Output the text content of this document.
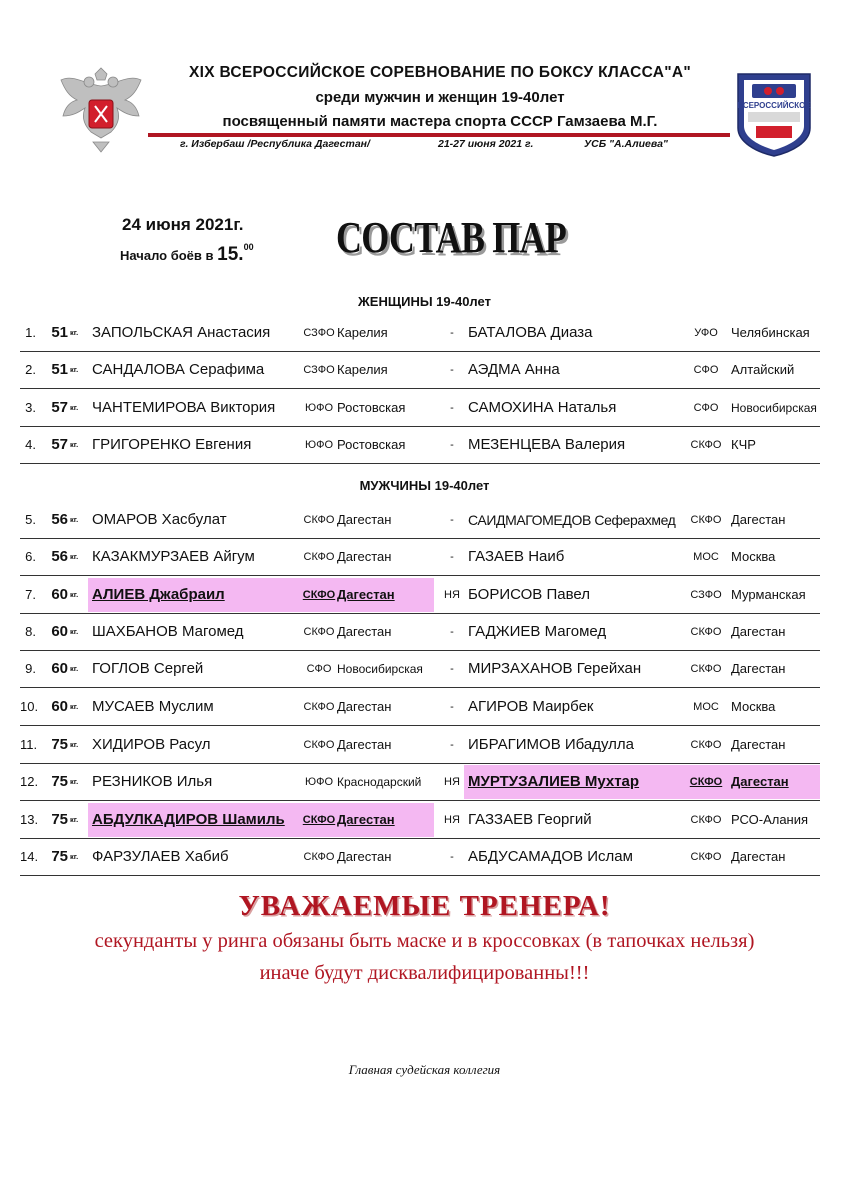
XIX ВСЕРОССИЙСКОЕ СОРЕВНОВАНИЕ ПО БОКСУ КЛАССА"А"
среди мужчин и женщин 19-40лет
посвященный памяти мастера спорта СССР Гамзаева М.Г.
г. Избербаш /Республика Дагестан/	21-27 июня 2021 г.	УСБ "А.Алиева"
ВСЕРОССИЙСКОЕ
24 июня 2021г.
Начало боёв в 15.00 СОСТАВ ПАР
ЖЕНЩИНЫ 19-40лет
МУЖЧИНЫ 19-40лет
1.	51 кг. ЗАПОЛЬСКАЯ Анастасия	СЗФО Карелия	- БАТАЛОВА Диаза	УФО	Челябинская
2.	51 кг. САНДАЛОВА Серафима	СЗФО Карелия	- АЭДМА Анна	СФО Алтайский
3.	57 кг. ЧАНТЕМИРОВА Виктория	ЮФО Ростовская	- САМОХИНА Наталья	СФО	Новосибирская
4.	57 кг. ГРИГОРЕНКО Евгения	ЮФО Ростовская	- МЕЗЕНЦЕВА Валерия	СКФО КЧР
5.	56 кг. ОМАРОВ Хасбулат	СКФО Дагестан	-	САИДМАГОМЕДОВ Сеферахмед	СКФО Дагестан
6.	56 кг. КАЗАКМУРЗАЕВ Айгум	СКФО Дагестан	- ГАЗАЕВ Наиб	МОС Москва
7.	60 кг. АЛИЕВ Джабраил	СКФО Дагестан	НЯ БОРИСОВ Павел	СЗФО Мурманская
8.	60 кг. ШАХБАНОВ Магомед	СКФО Дагестан	- ГАДЖИЕВ Магомед	СКФО Дагестан
9.	60 кг. ГОГЛОВ Сергей	СФО Новосибирская	- МИРЗАХАНОВ Герейхан	СКФО Дагестан
10. 60 кг. МУСАЕВ Муслим	СКФО Дагестан	- АГИРОВ Маирбек	МОС Москва
11. 75 кг. ХИДИРОВ Расул	СКФО Дагестан	- ИБРАГИМОВ Ибадулла	СКФО Дагестан
12. 75 кг. РЕЗНИКОВ Илья	ЮФО Краснодарский	НЯ МУРТУЗАЛИЕВ Мухтар	СКФО Дагестан
13. 75 кг. АБДУЛКАДИРОВ Шамиль СКФО Дагестан	НЯ ГАЗЗАЕВ Георгий	СКФО РСО-Алания
14. 75 кг. ФАРЗУЛАЕВ Хабиб	СКФО Дагестан	- АБДУСАМАДОВ Ислам	СКФО Дагестан
УВАЖАЕМЫЕ ТРЕНЕРА!
секунданты у ринга обязаны быть маске и в кроссовках (в тапочках нельзя)
иначе будут дисквалифицированны!!!
Главная судейская коллегия
